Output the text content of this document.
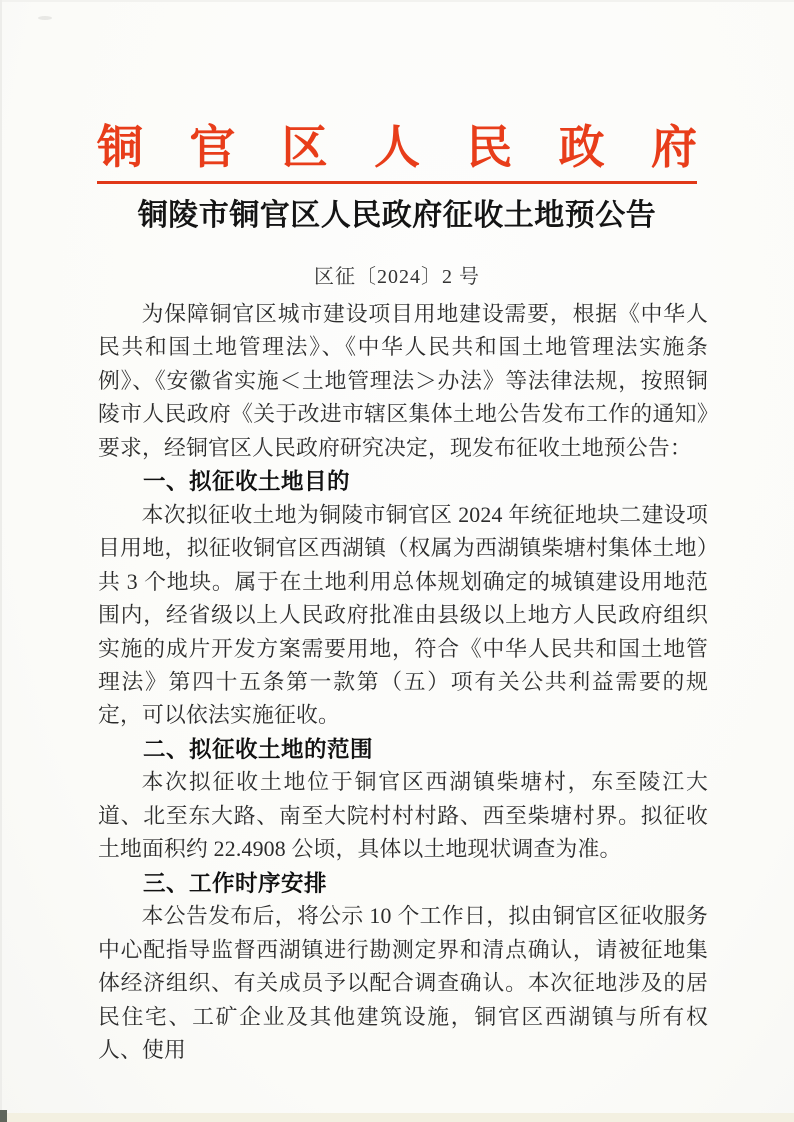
铜 官 区 人 民 政 府
铜陵市铜官区人民政府征收土地预公告
区征〔2024〕2 号

为保障铜官区城市建设项目用地建设需要，根据《中华人民共和国土地管理法》、《中华人民共和国土地管理法实施条例》、《安徽省实施＜土地管理法＞办法》等法律法规，按照铜陵市人民政府《关于改进市辖区集体土地公告发布工作的通知》要求，经铜官区人民政府研究决定，现发布征收土地预公告：

一、拟征收土地目的

本次拟征收土地为铜陵市铜官区 2024 年统征地块二建设项目用地，拟征收铜官区西湖镇（权属为西湖镇柴塘村集体土地）共 3 个地块。属于在土地利用总体规划确定的城镇建设用地范围内，经省级以上人民政府批准由县级以上地方人民政府组织实施的成片开发方案需要用地，符合《中华人民共和国土地管理法》第四十五条第一款第（五）项有关公共利益需要的规定，可以依法实施征收。

二、拟征收土地的范围

本次拟征收土地位于铜官区西湖镇柴塘村，东至陵江大道、北至东大路、南至大院村村村路、西至柴塘村界。拟征收土地面积约 22.4908 公顷，具体以土地现状调查为准。

三、工作时序安排

本公告发布后，将公示 10 个工作日，拟由铜官区征收服务中心配指导监督西湖镇进行勘测定界和清点确认，请被征地集体经济组织、有关成员予以配合调查确认。本次征地涉及的居民住宅、工矿企业及其他建筑设施，铜官区西湖镇与所有权人、使用
